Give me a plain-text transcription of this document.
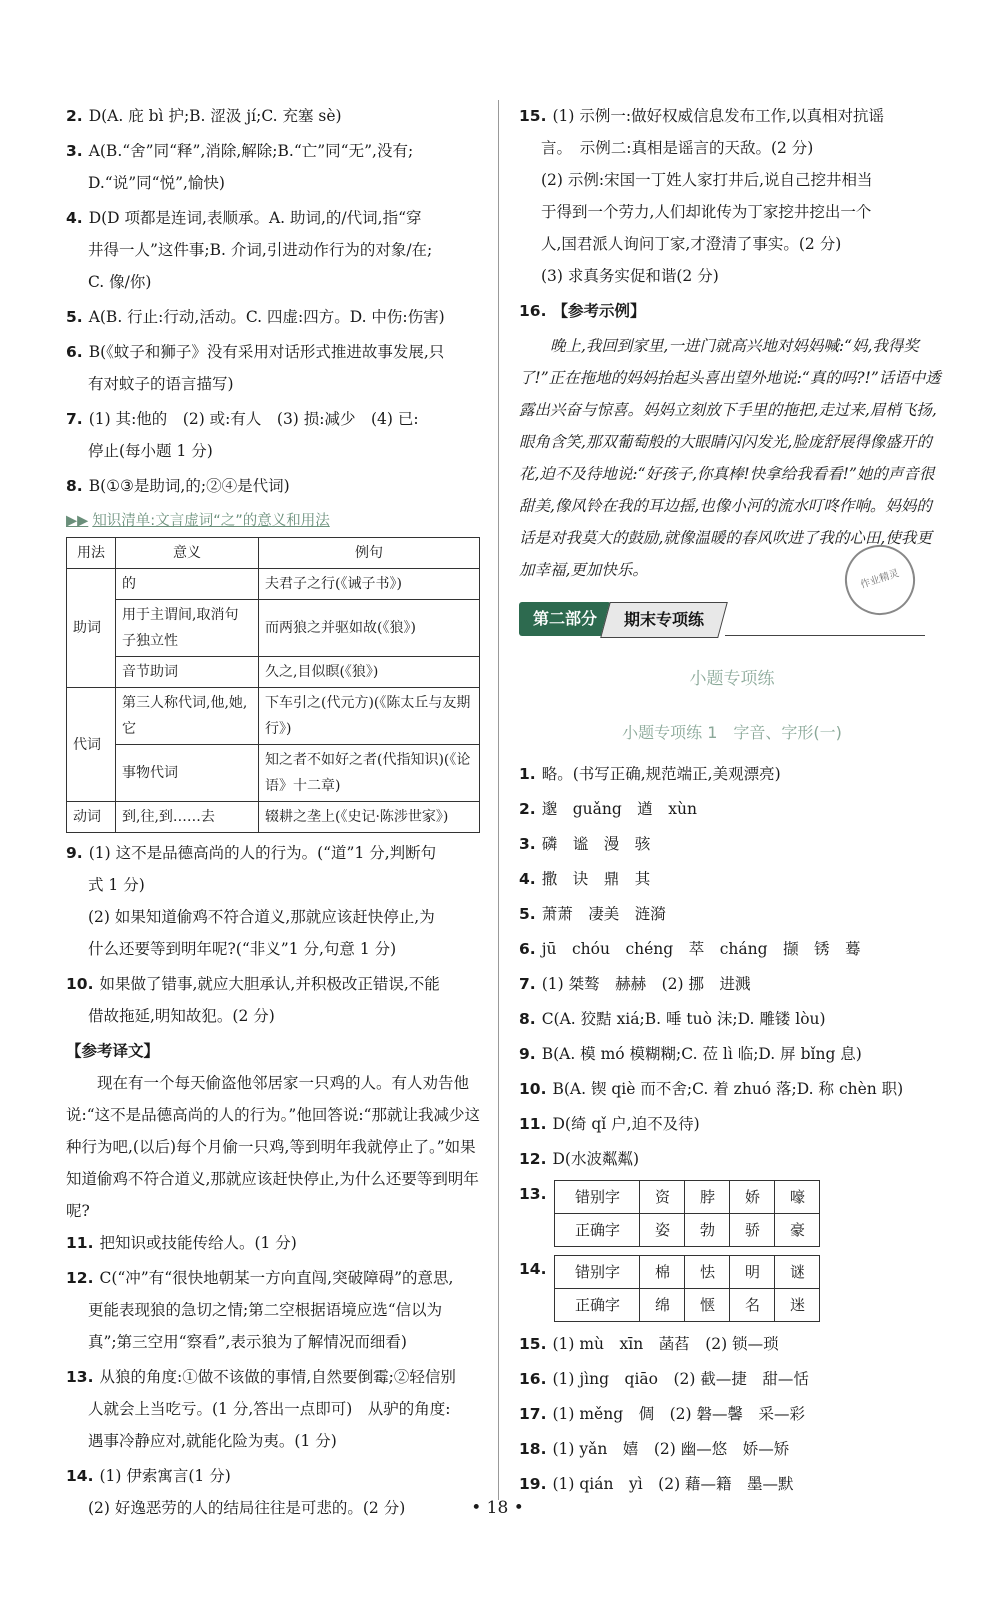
2. D(A. 庇 bì 护;B. 涩汲 jí;C. 充塞 sè)
3. A(B.“舍”同“释”,消除,解除;B.“亡”同“无”,没有;
D.“说”同“悦”,愉快)
4. D(D 项都是连词,表顺承。A. 助词,的/代词,指“穿
井得一人”这件事;B. 介词,引进动作行为的对象/在;
C. 像/你)
5. A(B. 行止:行动,活动。C. 四虚:四方。D. 中伤:伤害)
6. B(《蚊子和狮子》没有采用对话形式推进故事发展,只
有对蚊子的语言描写)
7. (1) 其:他的　(2) 或:有人　(3) 损:减少　(4) 已:
停止(每小题 1 分)
8. B(①③是助词,的;②④是代词)
▶▶ 知识清单:文言虚词“之”的意义和用法
用法	意义	例句
助词	的	夫君子之行(《诫子书》)
	用于主谓间,取消句子独立性	而两狼之并驱如故(《狼》)
	音节助词	久之,目似瞑(《狼》)
代词	第三人称代词,他,她,它	下车引之(代元方)(《陈太丘与友期行》)
	事物代词	知之者不如好之者(代指知识)(《论语》十二章)
动词	到,往,到……去	辍耕之垄上(《史记·陈涉世家》)
9. (1) 这不是品德高尚的人的行为。(“道”1 分,判断句
式 1 分)
(2) 如果知道偷鸡不符合道义,那就应该赶快停止,为
什么还要等到明年呢?(“非义”1 分,句意 1 分)
10. 如果做了错事,就应大胆承认,并积极改正错误,不能
借故拖延,明知故犯。(2 分)
【参考译文】
现在有一个每天偷盗他邻居家一只鸡的人。有人劝告他说:“这不是品德高尚的人的行为。”他回答说:“那就让我减少这种行为吧,(以后)每个月偷一只鸡,等到明年我就停止了。”如果知道偷鸡不符合道义,那就应该赶快停止,为什么还要等到明年呢?
11. 把知识或技能传给人。(1 分)
12. C(“冲”有“很快地朝某一方向直闯,突破障碍”的意思,
更能表现狼的急切之情;第二空根据语境应选“信以为
真”;第三空用“察看”,表示狼为了解情况而细看)
13. 从狼的角度:①做不该做的事情,自然要倒霉;②轻信别
人就会上当吃亏。(1 分,答出一点即可)　从驴的角度:
遇事冷静应对,就能化险为夷。(1 分)
14. (1) 伊索寓言(1 分)
(2) 好逸恶劳的人的结局往往是可悲的。(2 分)
15. (1) 示例一:做好权威信息发布工作,以真相对抗谣
言。　示例二:真相是谣言的天敌。(2 分)
(2) 示例:宋国一丁姓人家打井后,说自己挖井相当
于得到一个劳力,人们却讹传为丁家挖井挖出一个
人,国君派人询问丁家,才澄清了事实。(2 分)
(3) 求真务实促和谐(2 分)
16. 【参考示例】
晚上,我回到家里,一进门就高兴地对妈妈喊:“妈,我得奖了!”正在拖地的妈妈抬起头喜出望外地说:“真的吗?!”话语中透露出兴奋与惊喜。妈妈立刻放下手里的拖把,走过来,眉梢飞扬,眼角含笑,那双葡萄般的大眼睛闪闪发光,脸庞舒展得像盛开的花,迫不及待地说:“好孩子,你真棒!快拿给我看看!”她的声音很甜美,像风铃在我的耳边摇,也像小河的流水叮咚作响。妈妈的话是对我莫大的鼓励,就像温暖的春风吹进了我的心田,使我更加幸福,更加快乐。
第二部分	期末专项练
小题专项练
小题专项练 1　字音、字形(一)
1. 略。(书写正确,规范端正,美观漂亮)
2. 邈　guǎng　遒　xùn
3. 磷　谧　漫　骇
4. 撒　诀　鼎　其
5. 萧萧　凄美　涟漪
6. jū　chóu　chéng　萃　cháng　撷　锈　蓦
7. (1) 桀骜　赫赫　(2) 挪　进溅
8. C(A. 狡黠 xiá;B. 唾 tuò 沫;D. 雕镂 lòu)
9. B(A. 模 mó 模糊糊;C. 莅 lì 临;D. 屏 bǐng 息)
10. B(A. 锲 qiè 而不舍;C. 着 zhuó 落;D. 称 chèn 职)
11. D(绮 qǐ 户,迫不及待)
12. D(水波粼粼)
13. 错别字	资	脖	娇	嚎
正确字	姿	勃	骄	豪
14. 错别字	棉	怯	明	谜
正确字	绵	惬	名	迷
15. (1) mù　xīn　菡萏　(2) 锁—琐
16. (1) jìng　qiāo　(2) 截—捷　甜—恬
17. (1) měng　倜　(2) 磐—馨　采—彩
18. (1) yǎn　嬉　(2) 幽—悠　娇—矫
19. (1) qián　yì　(2) 藉—籍　墨—默
作业精灵
• 18 •
